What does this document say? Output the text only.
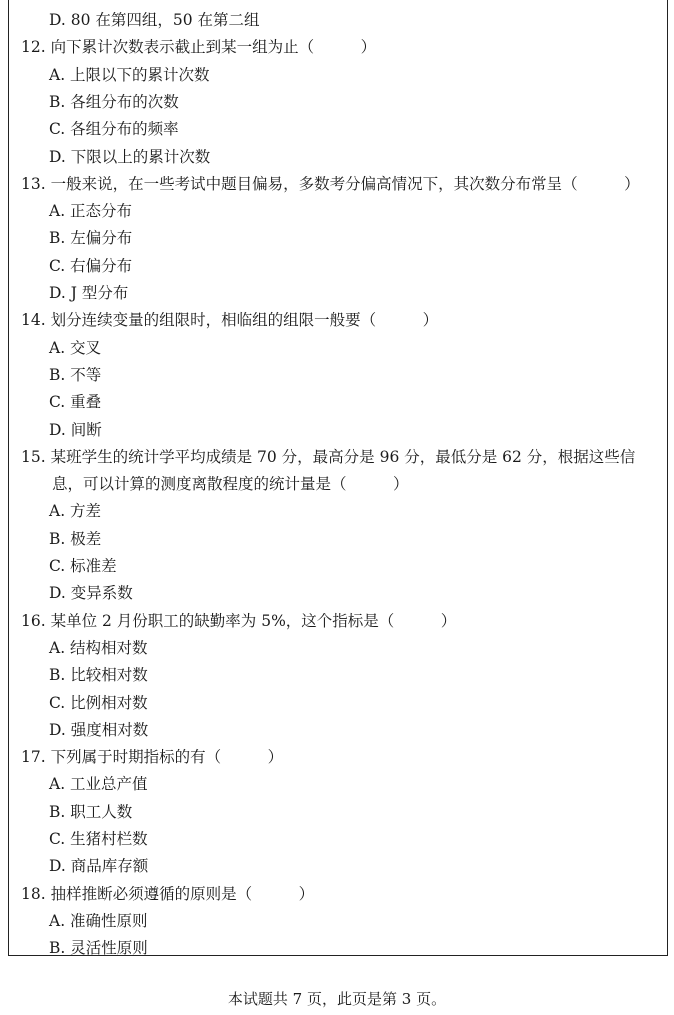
D. 80 在第四组，50 在第二组
12. 向下累计次数表示截止到某一组为止（　　　）
A. 上限以下的累计次数
B. 各组分布的次数
C. 各组分布的频率
D. 下限以上的累计次数
13. 一般来说，在一些考试中题目偏易，多数考分偏高情况下，其次数分布常呈（　　　）
A. 正态分布
B. 左偏分布
C. 右偏分布
D. J 型分布
14. 划分连续变量的组限时，相临组的组限一般要（　　　）
A. 交叉
B. 不等
C. 重叠
D. 间断
15. 某班学生的统计学平均成绩是 70 分，最高分是 96 分，最低分是 62 分，根据这些信
息，可以计算的测度离散程度的统计量是（　　　）
A. 方差
B. 极差
C. 标准差
D. 变异系数
16. 某单位 2 月份职工的缺勤率为 5%，这个指标是（　　　）
A. 结构相对数
B. 比较相对数
C. 比例相对数
D. 强度相对数
17. 下列属于时期指标的有（　　　）
A. 工业总产值
B. 职工人数
C. 生猪村栏数
D. 商品库存额
18. 抽样推断必须遵循的原则是（　　　）
A. 准确性原则
B. 灵活性原则
本试题共 7 页，此页是第 3 页。
